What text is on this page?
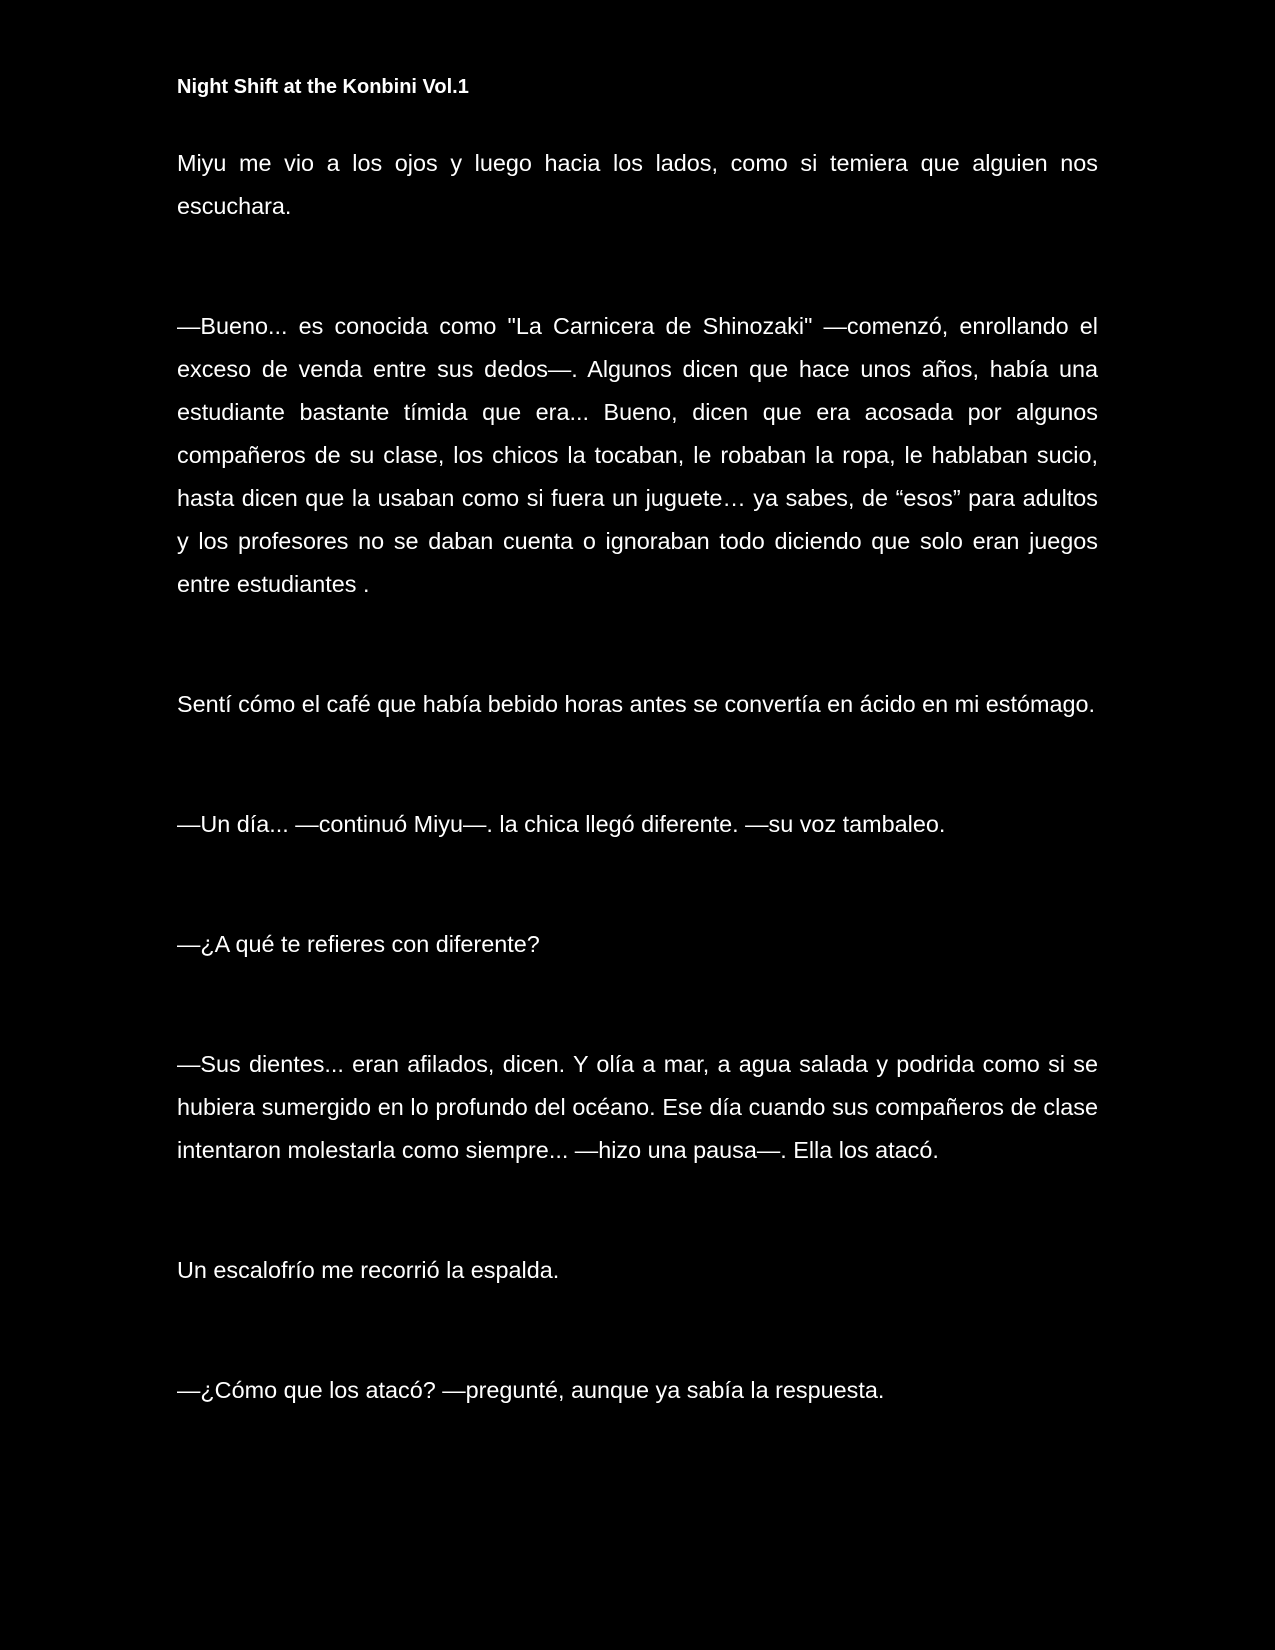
Night Shift at the Konbini Vol.1

Miyu me vio a los ojos y luego hacia los lados, como si temiera que alguien nos escuchara.

—Bueno... es conocida como "La Carnicera de Shinozaki" —comenzó, enrollando el exceso de venda entre sus dedos—. Algunos dicen que hace unos años, había una estudiante bastante tímida que era... Bueno, dicen que era acosada por algunos compañeros de su clase, los chicos la tocaban, le robaban la ropa, le hablaban sucio, hasta dicen que la usaban como si fuera un juguete… ya sabes, de “esos” para adultos y los profesores no se daban cuenta o ignoraban todo diciendo que solo eran juegos entre estudiantes .

Sentí cómo el café que había bebido horas antes se convertía en ácido en mi estómago.

—Un día... —continuó Miyu—. la chica llegó diferente. —su voz tambaleo.

—¿A qué te refieres con diferente?

—Sus dientes... eran afilados, dicen. Y olía a mar, a agua salada y podrida como si se hubiera sumergido en lo profundo del océano. Ese día cuando sus compañeros de clase intentaron molestarla como siempre... —hizo una pausa—. Ella los atacó.

Un escalofrío me recorrió la espalda.

—¿Cómo que los atacó? —pregunté, aunque ya sabía la respuesta.
